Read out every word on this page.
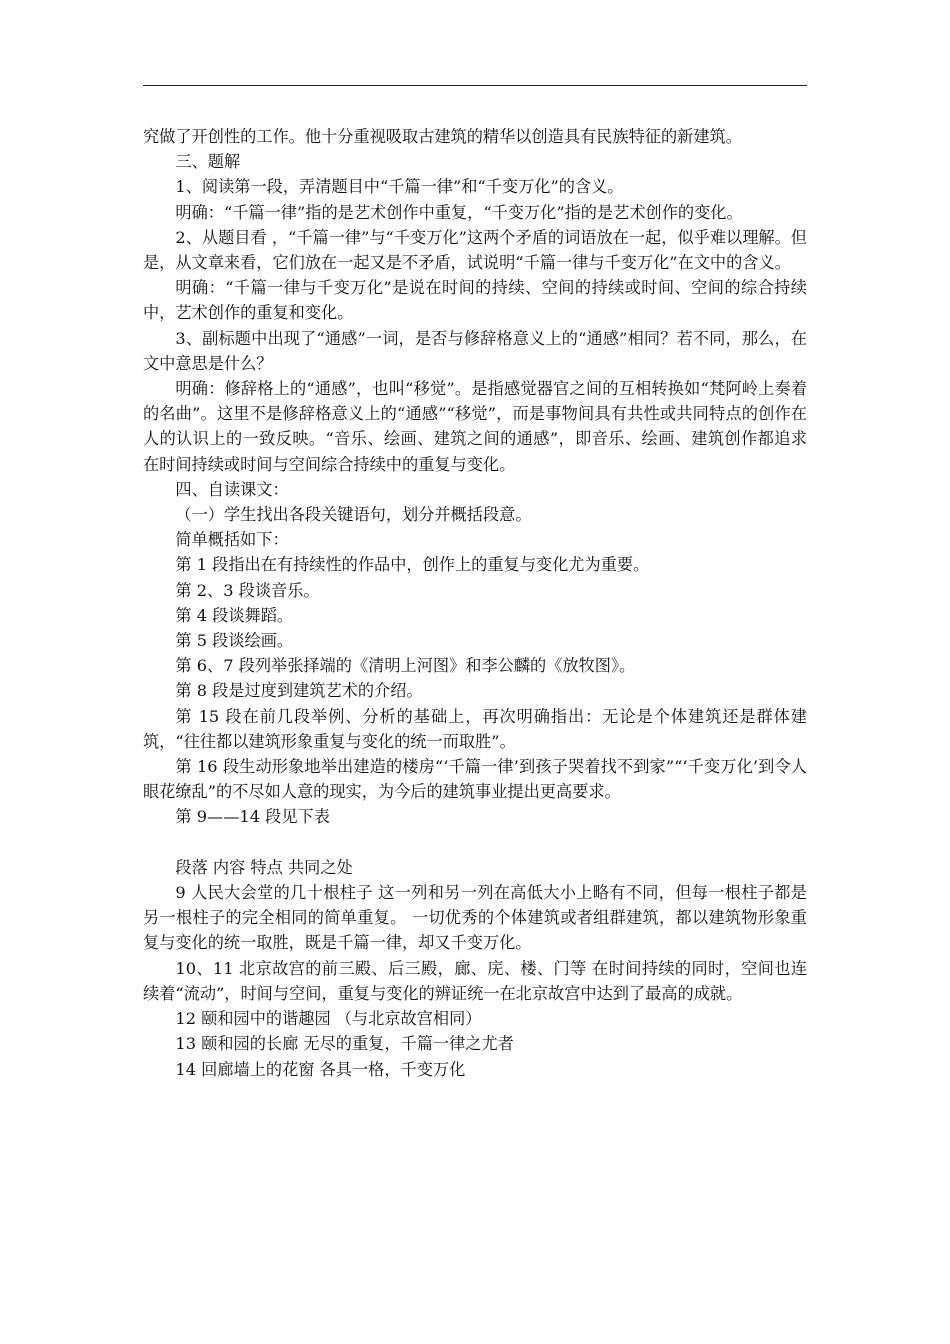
究做了开创性的工作。他十分重视吸取古建筑的精华以创造具有民族特征的新建筑。

三、题解

1、阅读第一段，弄清题目中“千篇一律”和“千变万化”的含义。

明确：“千篇一律”指的是艺术创作中重复，“千变万化”指的是艺术创作的变化。

2、从题目看 ，“千篇一律”与“千变万化”这两个矛盾的词语放在一起，似乎难以理解。但是，从文章来看，它们放在一起又是不矛盾，试说明“千篇一律与千变万化”在文中的含义。

明确：“千篇一律与千变万化”是说在时间的持续、空间的持续或时间、空间的综合持续中，艺术创作的重复和变化。

3、副标题中出现了“通感”一词，是否与修辞格意义上的“通感”相同？若不同，那么，在文中意思是什么？

明确：修辞格上的“通感”，也叫“移觉”。是指感觉器官之间的互相转换如“梵阿岭上奏着的名曲”。这里不是修辞格意义上的“通感”“移觉”，而是事物间具有共性或共同特点的创作在人的认识上的一致反映。“音乐、绘画、建筑之间的通感”，即音乐、绘画、建筑创作都追求在时间持续或时间与空间综合持续中的重复与变化。

四、自读课文：

（一）学生找出各段关键语句，划分并概括段意。

简单概括如下：

第 1 段指出在有持续性的作品中，创作上的重复与变化尤为重要。

第 2、3 段谈音乐。

第 4 段谈舞蹈。

第 5 段谈绘画。

第 6、7 段列举张择端的《清明上河图》和李公麟的《放牧图》。

第 8 段是过度到建筑艺术的介绍。

第 15 段在前几段举例、分析的基础上，再次明确指出：无论是个体建筑还是群体建筑，“往往都以建筑形象重复与变化的统一而取胜”。

第 16 段生动形象地举出建造的楼房“‘千篇一律’到孩子哭着找不到家”“‘千变万化’到令人眼花缭乱”的不尽如人意的现实，为今后的建筑事业提出更高要求。

第 9——14 段见下表

段落 内容 特点 共同之处

9 人民大会堂的几十根柱子 这一列和另一列在高低大小上略有不同，但每一根柱子都是另一根柱子的完全相同的简单重复。 一切优秀的个体建筑或者组群建筑，都以建筑物形象重复与变化的统一取胜，既是千篇一律，却又千变万化。

10、11 北京故宫的前三殿、后三殿，廊、庑、楼、门等 在时间持续的同时，空间也连续着“流动”，时间与空间，重复与变化的辨证统一在北京故宫中达到了最高的成就。

12 颐和园中的谐趣园 （与北京故宫相同）

13 颐和园的长廊 无尽的重复，千篇一律之尤者

14 回廊墙上的花窗 各具一格，千变万化
